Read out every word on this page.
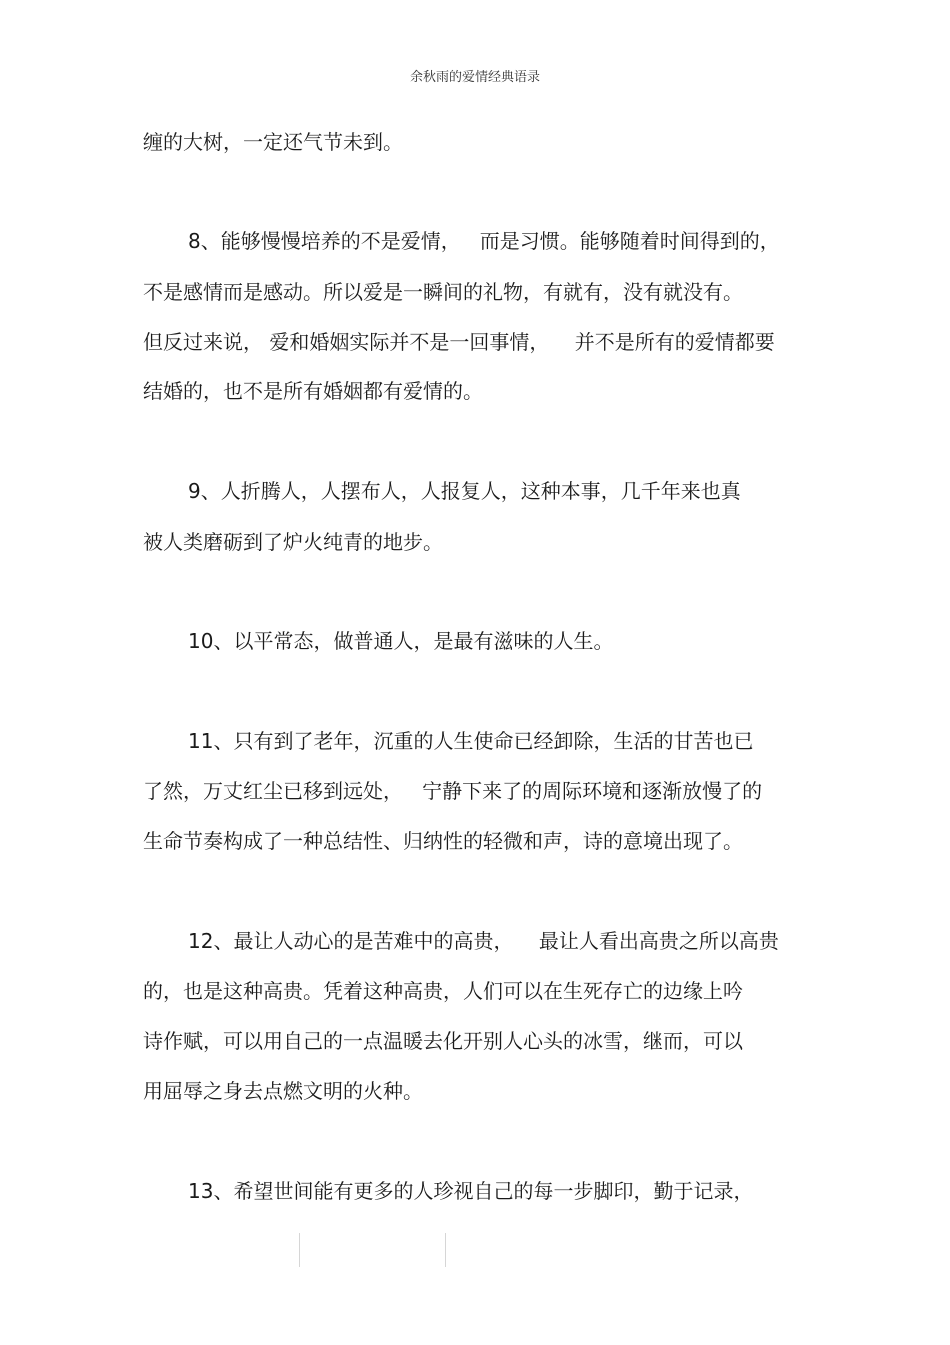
余秋雨的爱情经典语录
缠的大树，一定还气节未到。
8、能够慢慢培养的不是爱情，   而是习惯。能够随着时间得到的，
不是感情而是感动。所以爱是一瞬间的礼物，有就有，没有就没有。
但反过来说， 爱和婚姻实际并不是一回事情，    并不是所有的爱情都要
结婚的，也不是所有婚姻都有爱情的。
9、人折腾人，人摆布人，人报复人，这种本事，几千年来也真
被人类磨砺到了炉火纯青的地步。
10、以平常态，做普通人，是最有滋味的人生。
11、只有到了老年，沉重的人生使命已经卸除，生活的甘苦也已
了然，万丈红尘已移到远处，   宁静下来了的周际环境和逐渐放慢了的
生命节奏构成了一种总结性、归纳性的轻微和声，诗的意境出现了。
12、最让人动心的是苦难中的高贵，    最让人看出高贵之所以高贵
的，也是这种高贵。凭着这种高贵，人们可以在生死存亡的边缘上吟
诗作赋，可以用自己的一点温暖去化开别人心头的冰雪，继而，可以
用屈辱之身去点燃文明的火种。
13、希望世间能有更多的人珍视自己的每一步脚印，勤于记录，
